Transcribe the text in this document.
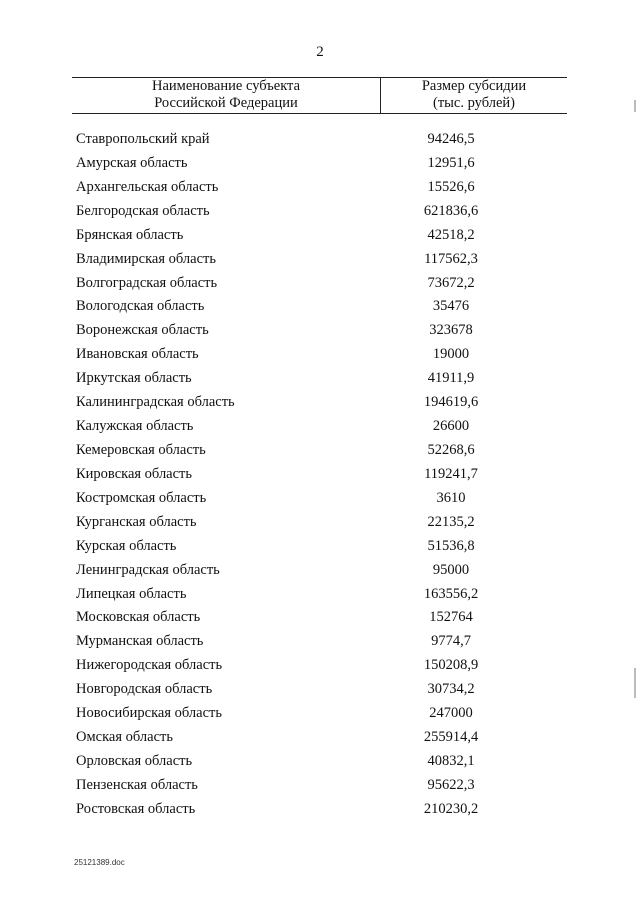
2
Наименование субъекта
Российской Федерации
Размер субсидии
(тыс. рублей)
Ставропольский край	94246,5
Амурская область	12951,6
Архангельская область	15526,6
Белгородская область	621836,6
Брянская область	42518,2
Владимирская область	117562,3
Волгоградская область	73672,2
Вологодская область	35476
Воронежская область	323678
Ивановская область	19000
Иркутская область	41911,9
Калининградская область	194619,6
Калужская область	26600
Кемеровская область	52268,6
Кировская область	119241,7
Костромская область	3610
Курганская область	22135,2
Курская область	51536,8
Ленинградская область	95000
Липецкая область	163556,2
Московская область	152764
Мурманская область	9774,7
Нижегородская область	150208,9
Новгородская область	30734,2
Новосибирская область	247000
Омская область	255914,4
Орловская область	40832,1
Пензенская область	95622,3
Ростовская область	210230,2
25121389.doc
